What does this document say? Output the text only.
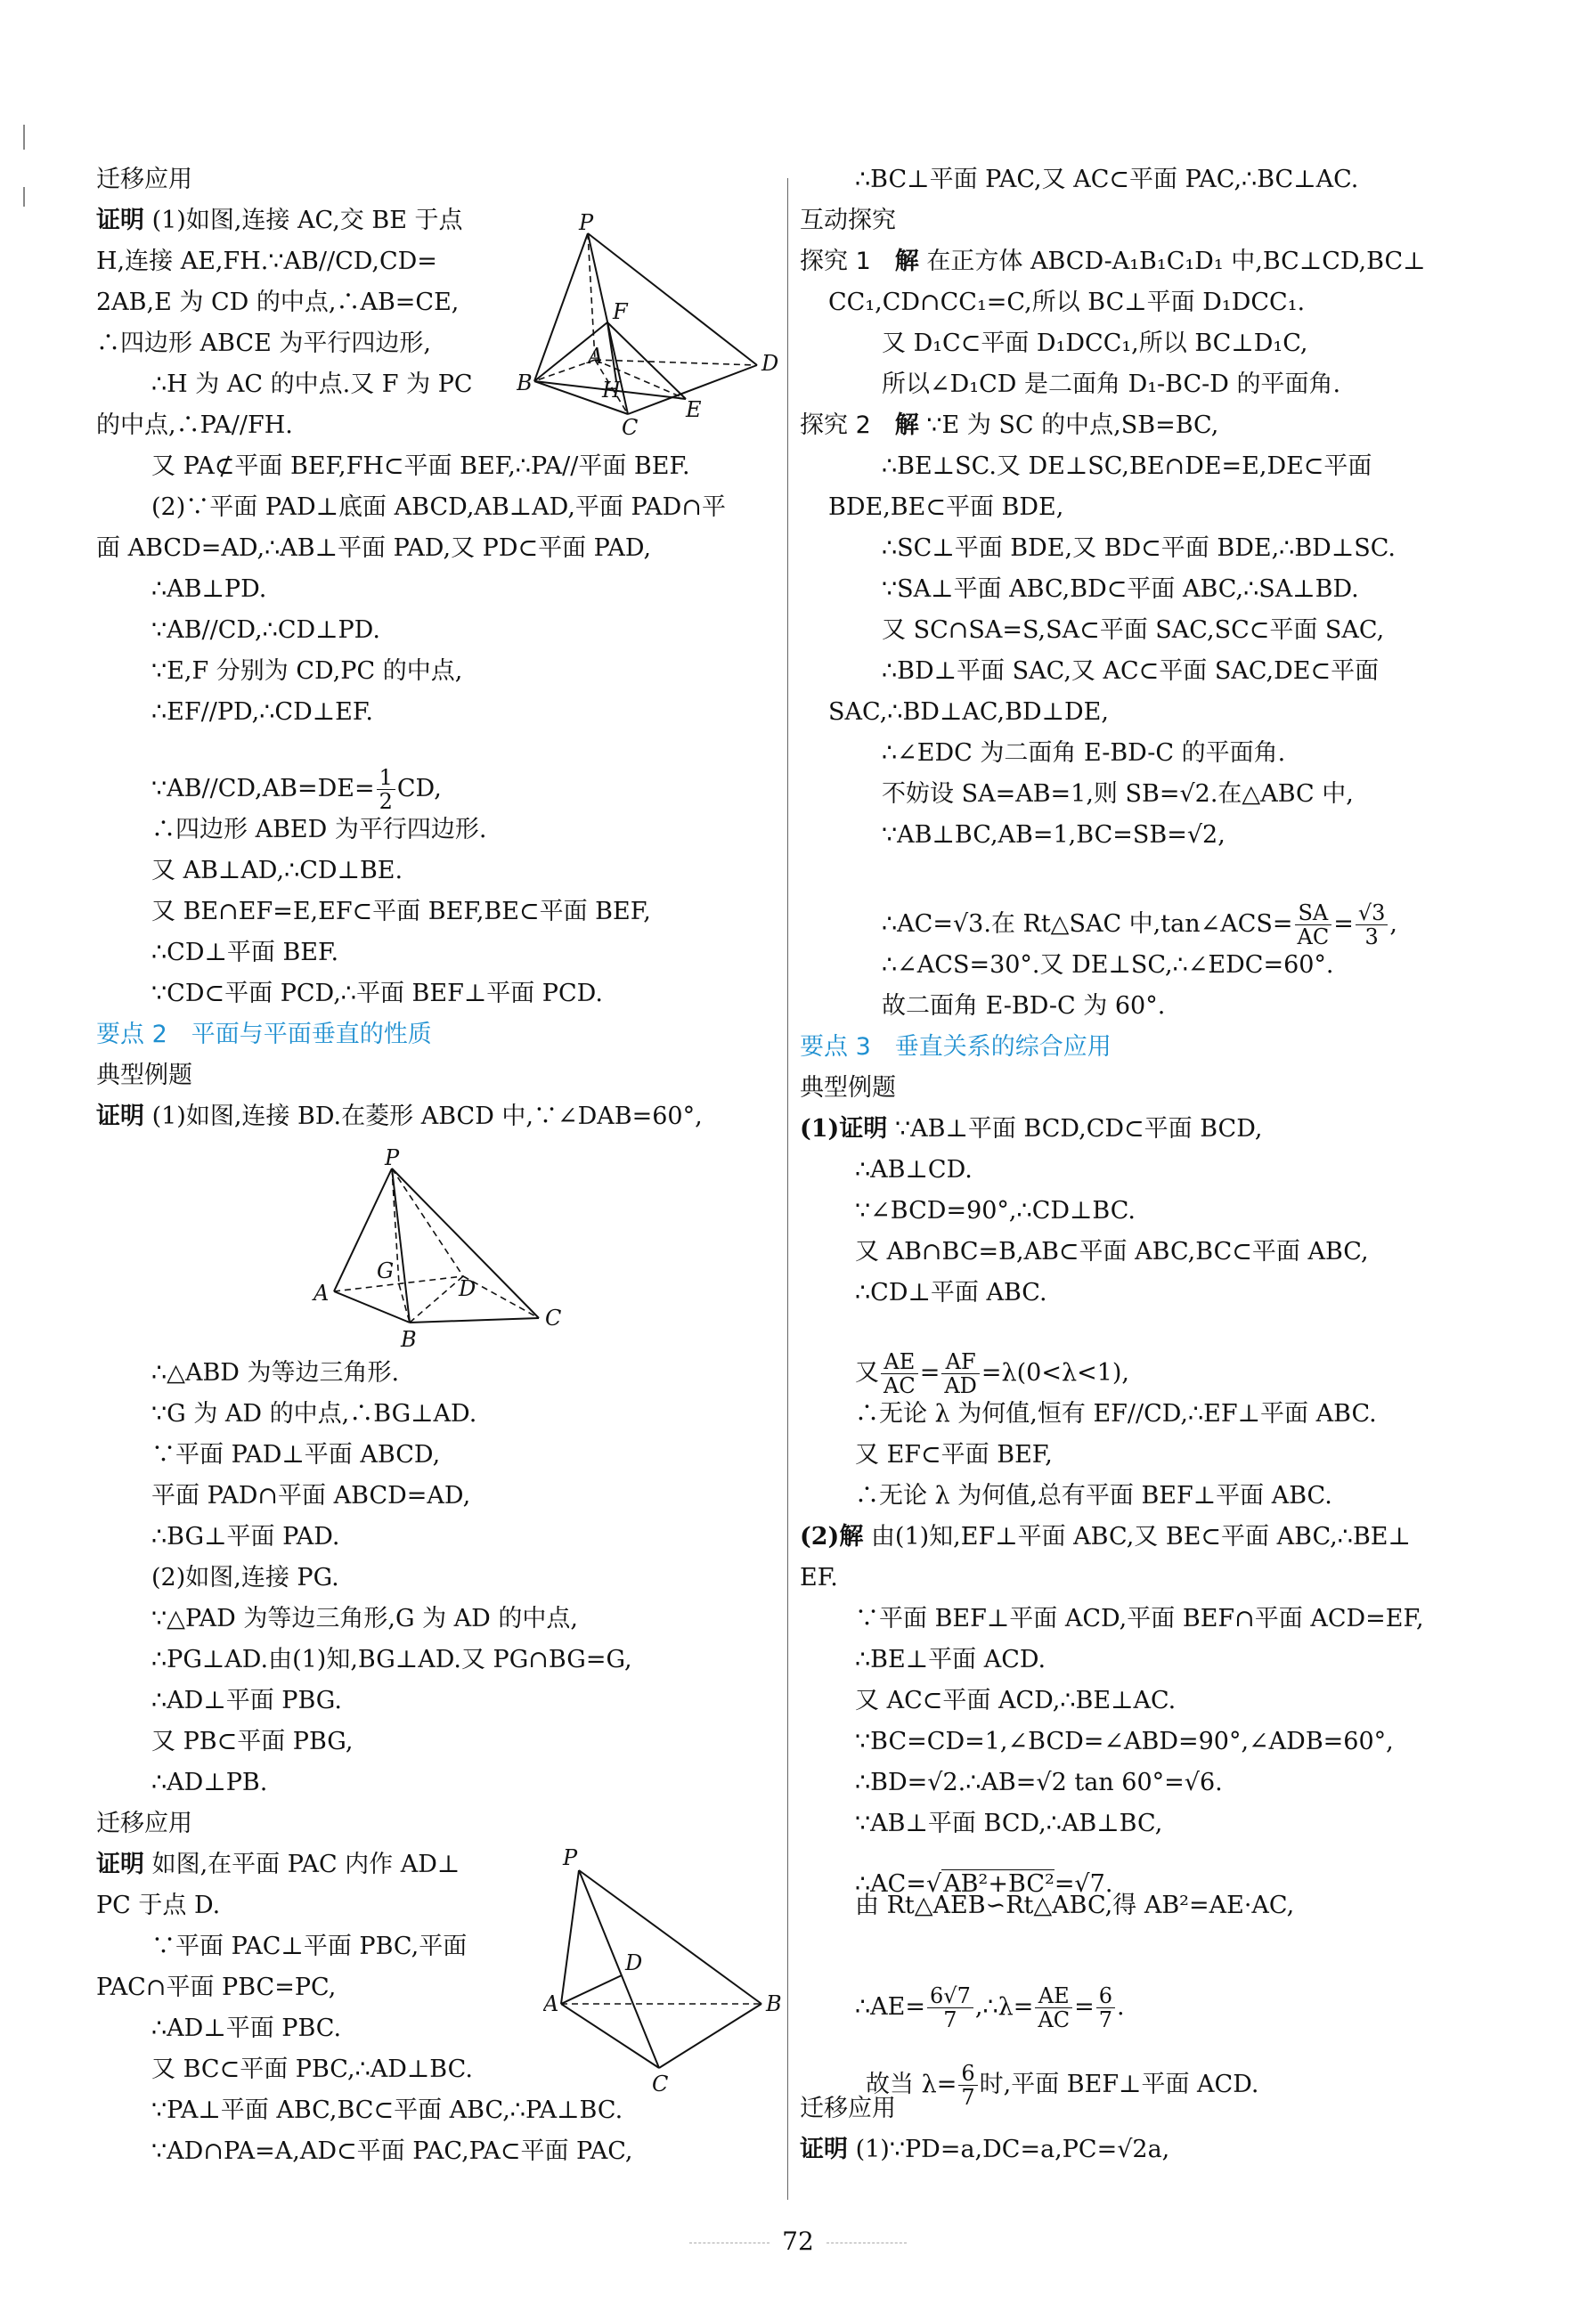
迁移应用
证明 (1)如图,连接 AC,交 BE 于点
H,连接 AE,FH.∵AB//CD,CD=
2AB,E 为 CD 的中点,∴AB=CE,
∴四边形 ABCE 为平行四边形,
∴H 为 AC 的中点.又 F 为 PC
的中点,∴PA//FH.
又 PA⊄平面 BEF,FH⊂平面 BEF,∴PA//平面 BEF.
(2)∵平面 PAD⊥底面 ABCD,AB⊥AD,平面 PAD∩平
面 ABCD=AD,∴AB⊥平面 PAD,又 PD⊂平面 PAD,
∴AB⊥PD.
∵AB//CD,∴CD⊥PD.
∵E,F 分别为 CD,PC 的中点,
∴EF//PD,∴CD⊥EF.
∴四边形 ABED 为平行四边形.
又 AB⊥AD,∴CD⊥BE.
又 BE∩EF=E,EF⊂平面 BEF,BE⊂平面 BEF,
∴CD⊥平面 BEF.
∵CD⊂平面 PCD,∴平面 BEF⊥平面 PCD.
要点 2　平面与平面垂直的性质
典型例题
证明 (1)如图,连接 BD.在菱形 ABCD 中,∵∠DAB=60°,
∴△ABD 为等边三角形.
∵G 为 AD 的中点,∴BG⊥AD.
∵平面 PAD⊥平面 ABCD,
平面 PAD∩平面 ABCD=AD,
∴BG⊥平面 PAD.
(2)如图,连接 PG.
∵△PAD 为等边三角形,G 为 AD 的中点,
∴PG⊥AD.由(1)知,BG⊥AD.又 PG∩BG=G,
∴AD⊥平面 PBG.
又 PB⊂平面 PBG,
∴AD⊥PB.
迁移应用
证明 如图,在平面 PAC 内作 AD⊥
PC 于点 D.
∵平面 PAC⊥平面 PBC,平面
PAC∩平面 PBC=PC,
∴AD⊥平面 PBC.
又 BC⊂平面 PBC,∴AD⊥BC.
∵PA⊥平面 ABC,BC⊂平面 ABC,∴PA⊥BC.
∵AD∩PA=A,AD⊂平面 PAC,PA⊂平面 PAC,
∴BC⊥平面 PAC,又 AC⊂平面 PAC,∴BC⊥AC.
互动探究
探究 1  解 在正方体 ABCD-A₁B₁C₁D₁ 中,BC⊥CD,BC⊥
CC₁,CD∩CC₁=C,所以 BC⊥平面 D₁DCC₁.
又 D₁C⊂平面 D₁DCC₁,所以 BC⊥D₁C,
所以∠D₁CD 是二面角 D₁-BC-D 的平面角.
探究 2  解 ∵E 为 SC 的中点,SB=BC,
∴BE⊥SC.又 DE⊥SC,BE∩DE=E,DE⊂平面
BDE,BE⊂平面 BDE,
∴SC⊥平面 BDE,又 BD⊂平面 BDE,∴BD⊥SC.
∵SA⊥平面 ABC,BD⊂平面 ABC,∴SA⊥BD.
又 SC∩SA=S,SA⊂平面 SAC,SC⊂平面 SAC,
∴BD⊥平面 SAC,又 AC⊂平面 SAC,DE⊂平面
SAC,∴BD⊥AC,BD⊥DE,
∴∠EDC 为二面角 E-BD-C 的平面角.
不妨设 SA=AB=1,则 SB=√2.在△ABC 中,
∵AB⊥BC,AB=1,BC=SB=√2,
∴∠ACS=30°.又 DE⊥SC,∴∠EDC=60°.
故二面角 E-BD-C 为 60°.
要点 3　垂直关系的综合应用
典型例题
(1)证明 ∵AB⊥平面 BCD,CD⊂平面 BCD,
∴AB⊥CD.
∵∠BCD=90°,∴CD⊥BC.
又 AB∩BC=B,AB⊂平面 ABC,BC⊂平面 ABC,
∴CD⊥平面 ABC.
∴无论 λ 为何值,恒有 EF//CD,∴EF⊥平面 ABC.
又 EF⊂平面 BEF,
∴无论 λ 为何值,总有平面 BEF⊥平面 ABC.
(2)解 由(1)知,EF⊥平面 ABC,又 BE⊂平面 ABC,∴BE⊥
EF.
∵平面 BEF⊥平面 ACD,平面 BEF∩平面 ACD=EF,
∴BE⊥平面 ACD.
又 AC⊂平面 ACD,∴BE⊥AC.
∵BC=CD=1,∠BCD=∠ABD=90°,∠ADB=60°,
∴BD=√2.∴AB=√2 tan 60°=√6.
∵AB⊥平面 BCD,∴AB⊥BC,
由 Rt△AEB∽Rt△ABC,得 AB²=AE·AC,
迁移应用
证明 (1)∵PD=a,DC=a,PC=√2a,
∵AB//CD,AB=DE= $\frac{1}{2}$ CD,
∴AC=√3.在 Rt△SAC 中,tan∠ACS= $\frac{SA}{AC} = \frac{√3}{3}$ ,
又 $\frac{AE}{AC} = \frac{AF}{AD} =\lambda(0<\lambda<1)$,
∴AC=√AB²+BC²=√7.
∴AE= $\frac{6√7}{7}$ ,∴λ= $\frac{AE}{AC} = \frac{6}{7}$ .
故当 $\lambda= \frac{6}{7}$ 时,平面 BEF⊥平面 ACD.
P
F
B
A
H
E
D
C
P
A
G
D
C
B
P
D
A	B
C
72
